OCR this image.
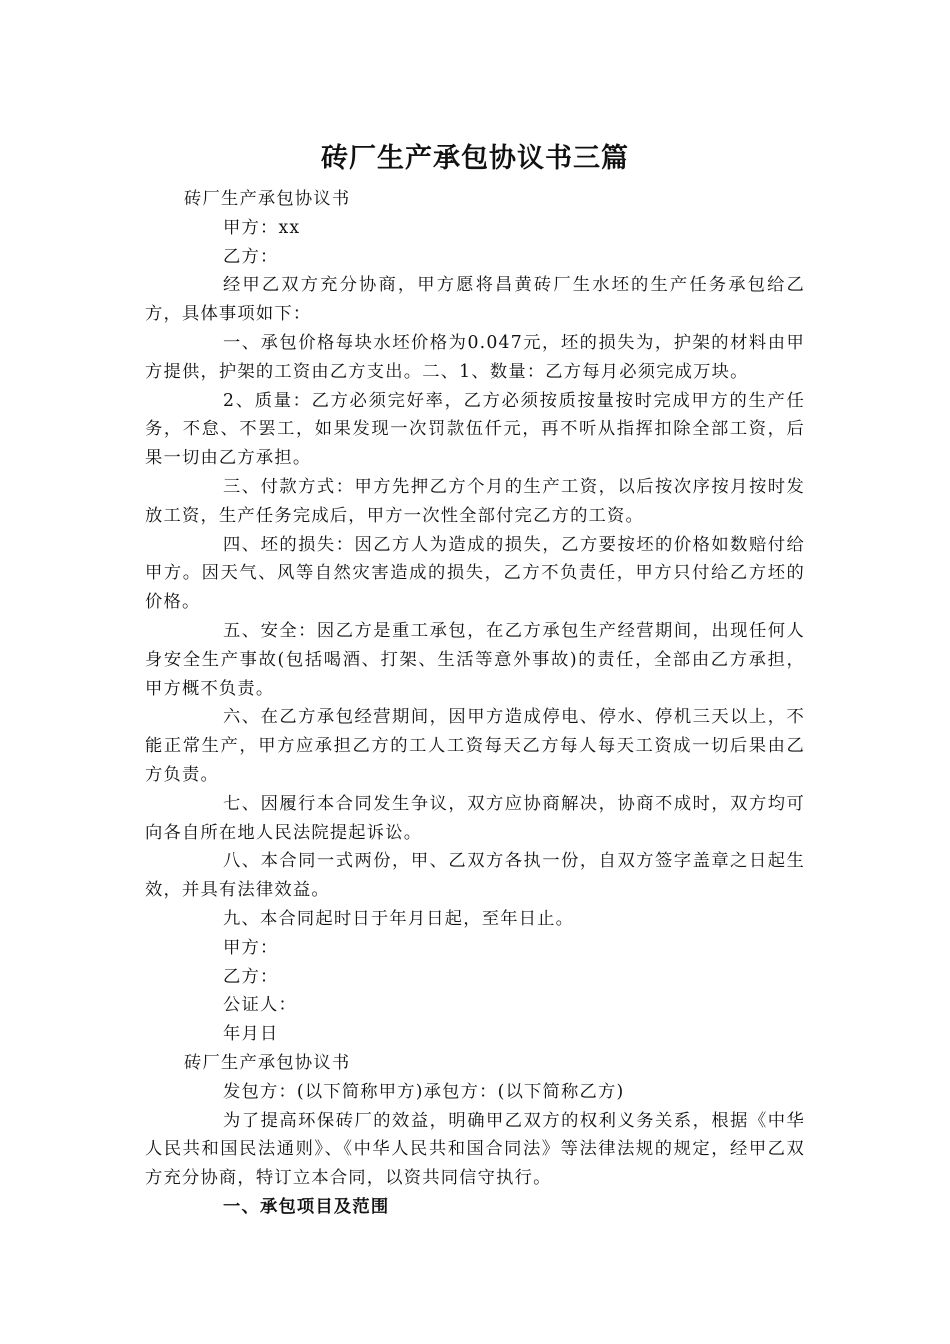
砖厂生产承包协议书三篇

砖厂生产承包协议书

甲方：xx

乙方：

经甲乙双方充分协商，甲方愿将昌黄砖厂生水坯的生产任务承包给乙方，具体事项如下：

一、承包价格每块水坯价格为0.047元，坯的损失为，护架的材料由甲方提供，护架的工资由乙方支出。二、1、数量：乙方每月必须完成万块。

2、质量：乙方必须完好率，乙方必须按质按量按时完成甲方的生产任务，不怠、不罢工，如果发现一次罚款伍仟元，再不听从指挥扣除全部工资，后果一切由乙方承担。

三、付款方式：甲方先押乙方个月的生产工资，以后按次序按月按时发放工资，生产任务完成后，甲方一次性全部付完乙方的工资。

四、坯的损失：因乙方人为造成的损失，乙方要按坯的价格如数赔付给甲方。因天气、风等自然灾害造成的损失，乙方不负责任，甲方只付给乙方坯的价格。

五、安全：因乙方是重工承包，在乙方承包生产经营期间，出现任何人身安全生产事故(包括喝酒、打架、生活等意外事故)的责任，全部由乙方承担，甲方概不负责。

六、在乙方承包经营期间，因甲方造成停电、停水、停机三天以上，不能正常生产，甲方应承担乙方的工人工资每天乙方每人每天工资成一切后果由乙方负责。

七、因履行本合同发生争议，双方应协商解决，协商不成时，双方均可向各自所在地人民法院提起诉讼。

八、本合同一式两份，甲、乙双方各执一份，自双方签字盖章之日起生效，并具有法律效益。

九、本合同起时日于年月日起，至年日止。

甲方：

乙方：

公证人：

年月日

砖厂生产承包协议书

发包方：(以下简称甲方)承包方：(以下简称乙方)

为了提高环保砖厂的效益，明确甲乙双方的权利义务关系，根据《中华人民共和国民法通则》、《中华人民共和国合同法》等法律法规的规定，经甲乙双方充分协商，特订立本合同，以资共同信守执行。

一、承包项目及范围
